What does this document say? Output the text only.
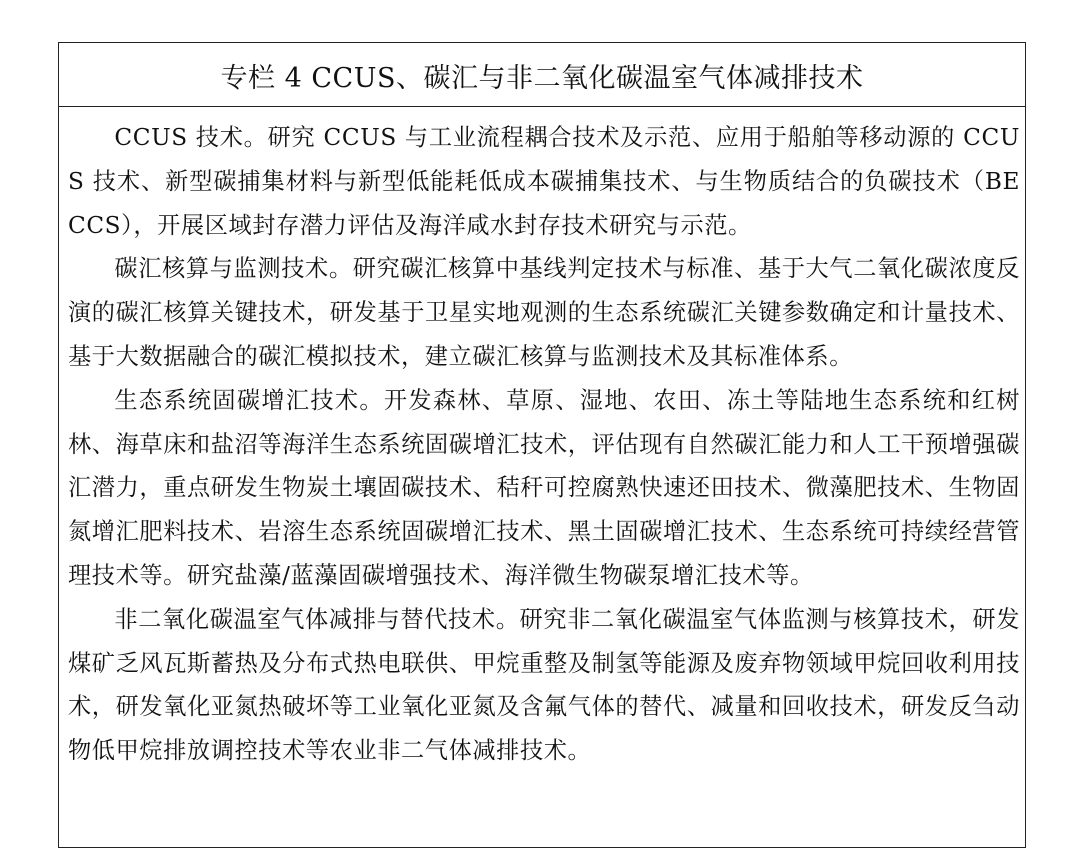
专栏 4 CCUS、碳汇与非二氧化碳温室气体减排技术

CCUS 技术。研究 CCUS 与工业流程耦合技术及示范、应用于船舶等移动源的 CCUS 技术、新型碳捕集材料与新型低能耗低成本碳捕集技术、与生物质结合的负碳技术（BECCS），开展区域封存潜力评估及海洋咸水封存技术研究与示范。

碳汇核算与监测技术。研究碳汇核算中基线判定技术与标准、基于大气二氧化碳浓度反演的碳汇核算关键技术，研发基于卫星实地观测的生态系统碳汇关键参数确定和计量技术、基于大数据融合的碳汇模拟技术，建立碳汇核算与监测技术及其标准体系。

生态系统固碳增汇技术。开发森林、草原、湿地、农田、冻土等陆地生态系统和红树林、海草床和盐沼等海洋生态系统固碳增汇技术，评估现有自然碳汇能力和人工干预增强碳汇潜力，重点研发生物炭土壤固碳技术、秸秆可控腐熟快速还田技术、微藻肥技术、生物固氮增汇肥料技术、岩溶生态系统固碳增汇技术、黑土固碳增汇技术、生态系统可持续经营管理技术等。研究盐藻/蓝藻固碳增强技术、海洋微生物碳泵增汇技术等。

非二氧化碳温室气体减排与替代技术。研究非二氧化碳温室气体监测与核算技术，研发煤矿乏风瓦斯蓄热及分布式热电联供、甲烷重整及制氢等能源及废弃物领域甲烷回收利用技术，研发氧化亚氮热破坏等工业氧化亚氮及含氟气体的替代、减量和回收技术，研发反刍动物低甲烷排放调控技术等农业非二气体减排技术。
